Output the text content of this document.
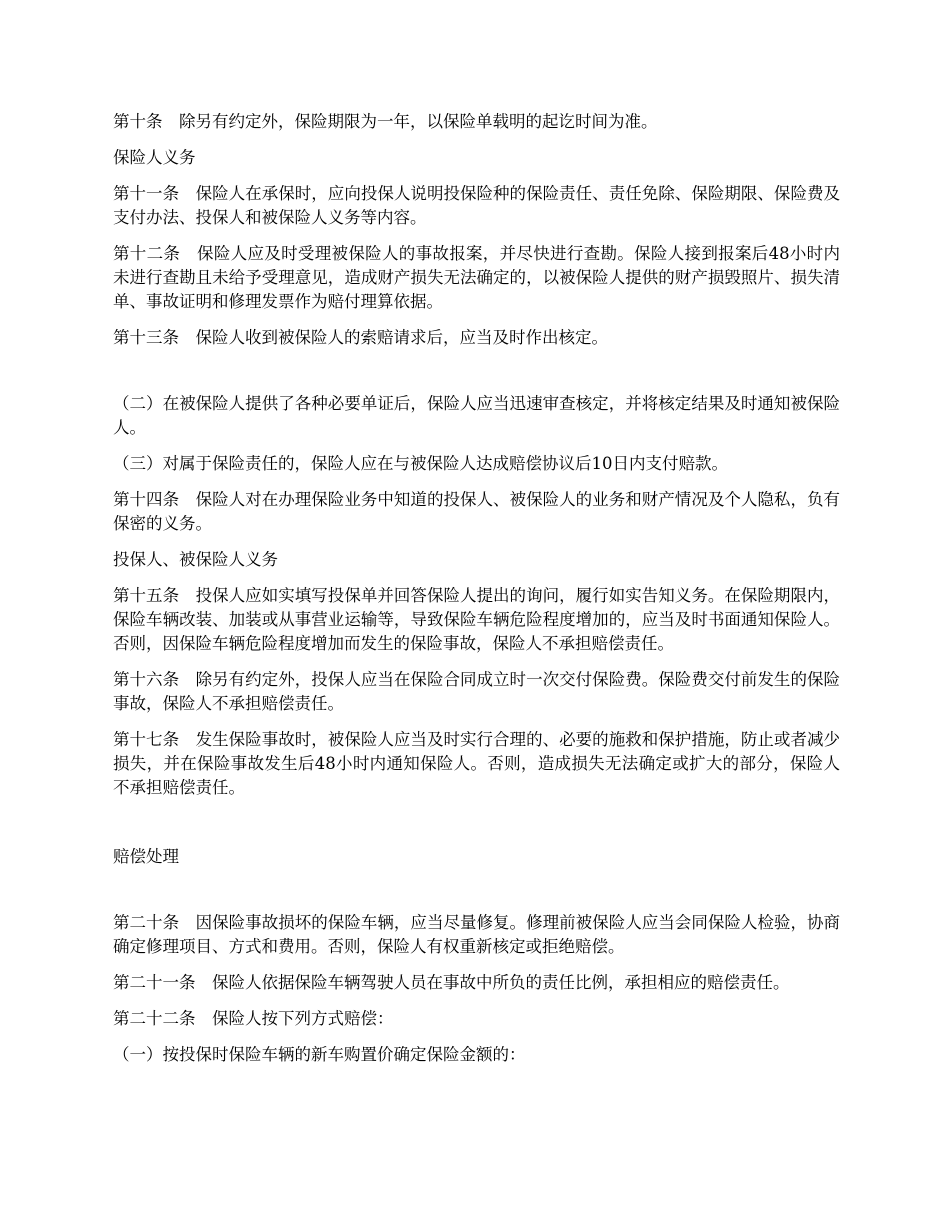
第十条　除另有约定外，保险期限为一年，以保险单载明的起讫时间为准。

保险人义务

第十一条　保险人在承保时，应向投保人说明投保险种的保险责任、责任免除、保险期限、保险费及支付办法、投保人和被保险人义务等内容。

第十二条　保险人应及时受理被保险人的事故报案，并尽快进行查勘。保险人接到报案后48小时内未进行查勘且未给予受理意见，造成财产损失无法确定的，以被保险人提供的财产损毁照片、损失清单、事故证明和修理发票作为赔付理算依据。

第十三条　保险人收到被保险人的索赔请求后，应当及时作出核定。

（二）在被保险人提供了各种必要单证后，保险人应当迅速审查核定，并将核定结果及时通知被保险人。

（三）对属于保险责任的，保险人应在与被保险人达成赔偿协议后10日内支付赔款。

第十四条　保险人对在办理保险业务中知道的投保人、被保险人的业务和财产情况及个人隐私，负有保密的义务。

投保人、被保险人义务

第十五条　投保人应如实填写投保单并回答保险人提出的询问，履行如实告知义务。在保险期限内，保险车辆改装、加装或从事营业运输等，导致保险车辆危险程度增加的，应当及时书面通知保险人。否则，因保险车辆危险程度增加而发生的保险事故，保险人不承担赔偿责任。

第十六条　除另有约定外，投保人应当在保险合同成立时一次交付保险费。保险费交付前发生的保险事故，保险人不承担赔偿责任。

第十七条　发生保险事故时，被保险人应当及时实行合理的、必要的施救和保护措施，防止或者减少损失，并在保险事故发生后48小时内通知保险人。否则，造成损失无法确定或扩大的部分，保险人不承担赔偿责任。

赔偿处理

第二十条　因保险事故损坏的保险车辆，应当尽量修复。修理前被保险人应当会同保险人检验，协商确定修理项目、方式和费用。否则，保险人有权重新核定或拒绝赔偿。

第二十一条　保险人依据保险车辆驾驶人员在事故中所负的责任比例，承担相应的赔偿责任。

第二十二条　保险人按下列方式赔偿：

（一）按投保时保险车辆的新车购置价确定保险金额的：
